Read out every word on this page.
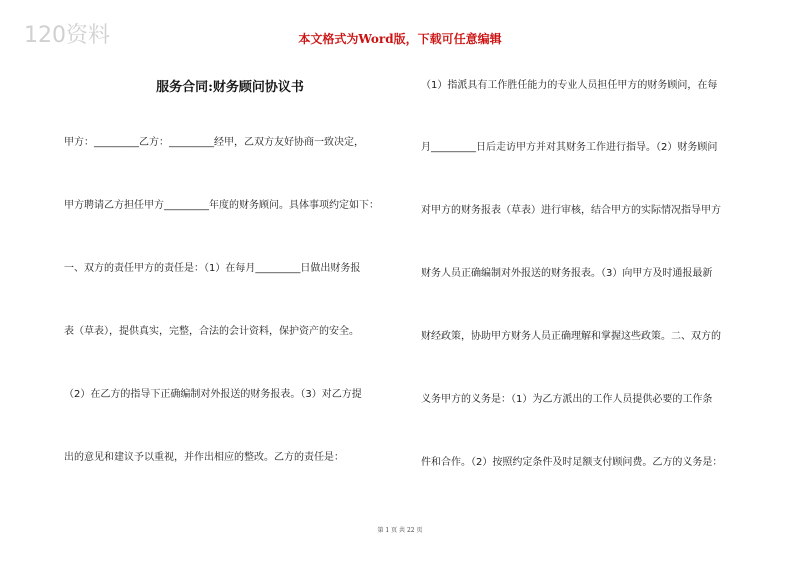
120资料	本文格式为Word版，下载可任意编辑
服务合同:财务顾问协议书
甲方：_________乙方：_________经甲，乙双方友好协商一致决定，
甲方聘请乙方担任甲方_________年度的财务顾问。具体事项约定如下：
一、双方的责任甲方的责任是：（1）在每月_________日做出财务报
表（草表），提供真实，完整，合法的会计资料，保护资产的安全。
（2）在乙方的指导下正确编制对外报送的财务报表。（3）对乙方提
出的意见和建议予以重视，并作出相应的整改。乙方的责任是：
（1）指派具有工作胜任能力的专业人员担任甲方的财务顾问，在每
月_________日后走访甲方并对其财务工作进行指导。（2）财务顾问
对甲方的财务报表（草表）进行审核，结合甲方的实际情况指导甲方
财务人员正确编制对外报送的财务报表。（3）向甲方及时通报最新
财经政策，协助甲方财务人员正确理解和掌握这些政策。二、双方的
义务甲方的义务是：（1）为乙方派出的工作人员提供必要的工作条
件和合作。（2）按照约定条件及时足额支付顾问费。乙方的义务是：
第 1 页 共 22 页
